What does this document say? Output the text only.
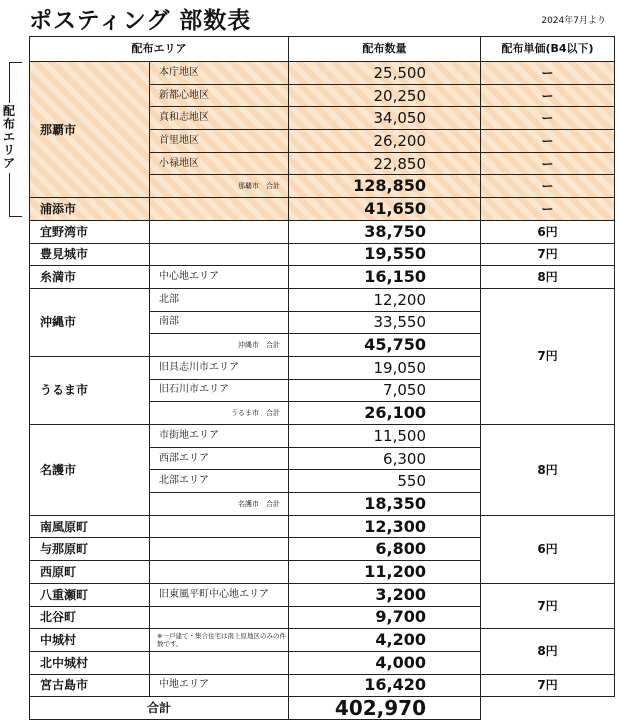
ポスティング 部数表	2024年7月より
配布エリア
配布エリア		配布数量	配布単価(B4以下)
那覇市	本庁地区	25,500	ー
	新都心地区	20,250	ー
	真和志地区	34,050	ー
	首里地区	26,200	ー
	小禄地区	22,850	ー
	那覇市　合計	128,850	ー
浦添市		41,650	ー
宜野湾市		38,750	6円
豊見城市		19,550	7円
糸満市	中心地エリア	16,150	8円
沖縄市	北部	12,200	7円
	南部	33,550	
	沖縄市　合計	45,750	
うるま市	旧具志川市エリア	19,050	
	旧石川市エリア	7,050	
	うるま市　合計	26,100	
名護市	市街地エリア	11,500	8円
	西部エリア	6,300	
	北部エリア	550	
	名護市　合計	18,350	
南風原町		12,300	6円
与那原町		6,800	
西原町		11,200	
八重瀬町	旧東風平町中心地エリア	3,200	7円
北谷町		9,700	
中城村	※一戸建て・集合住宅は南上原地区のみの件数です。	4,200	8円
北中城村		4,000	
宮古島市	中地エリア	16,420	7円
合計		402,970	
